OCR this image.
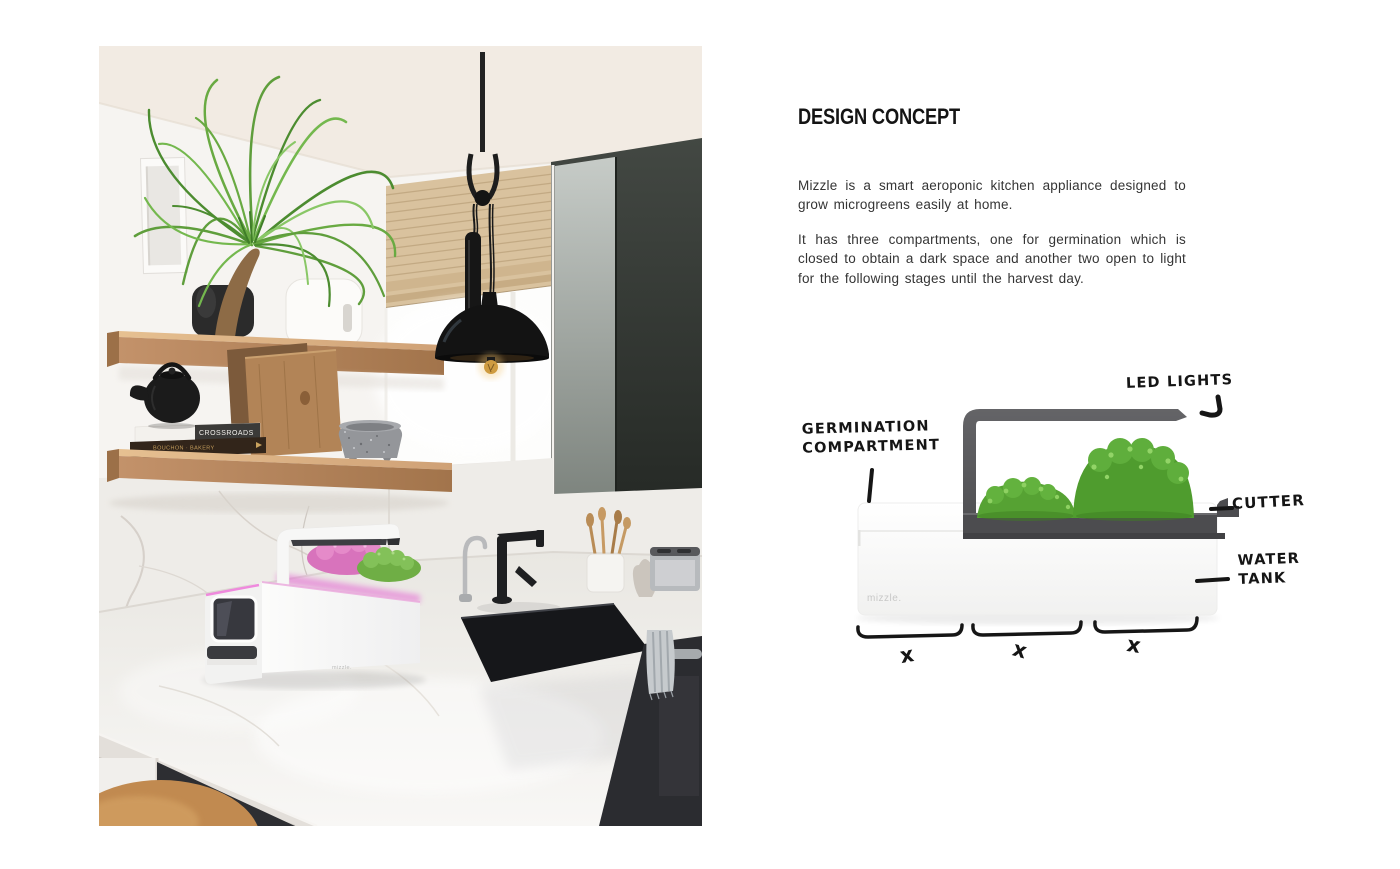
CROSSROADS
BOUCHON · BAKERY
mizzle.
DESIGN CONCEPT
Mizzle is a smart aeroponic kitchen appliance designed to grow microgreens easily at home.
It has three compartments, one for germination which is closed to obtain a dark space and another two open to light for the following stages until the harvest day.
mizzle.
GERMINATION
COMPARTMENT
LED LIGHTS
CUTTER
WATER
TANK
x	x	x
